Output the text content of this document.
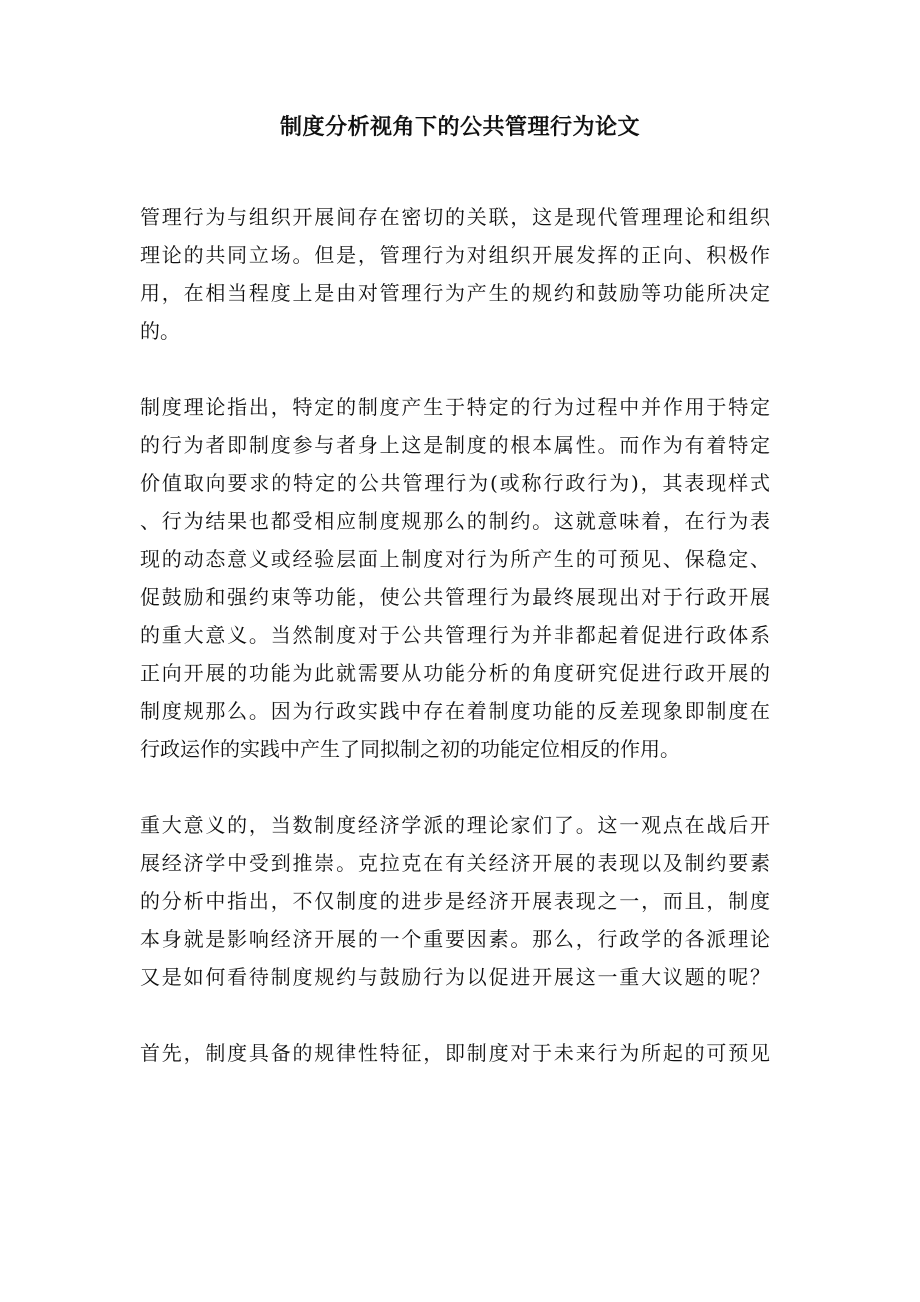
制度分析视角下的公共管理行为论文
管理行为与组织开展间存在密切的关联，这是现代管理理论和组织
理论的共同立场。但是，管理行为对组织开展发挥的正向、积极作
用，在相当程度上是由对管理行为产生的规约和鼓励等功能所决定
的。
制度理论指出，特定的制度产生于特定的行为过程中并作用于特定
的行为者即制度参与者身上这是制度的根本属性。而作为有着特定
价值取向要求的特定的公共管理行为(或称行政行为)，其表现样式
、行为结果也都受相应制度规那么的制约。这就意味着，在行为表
现的动态意义或经验层面上制度对行为所产生的可预见、保稳定、
促鼓励和强约束等功能，使公共管理行为最终展现出对于行政开展
的重大意义。当然制度对于公共管理行为并非都起着促进行政体系
正向开展的功能为此就需要从功能分析的角度研究促进行政开展的
制度规那么。因为行政实践中存在着制度功能的反差现象即制度在
行政运作的实践中产生了同拟制之初的功能定位相反的作用。
重大意义的，当数制度经济学派的理论家们了。这一观点在战后开
展经济学中受到推崇。克拉克在有关经济开展的表现以及制约要素
的分析中指出，不仅制度的进步是经济开展表现之一，而且，制度
本身就是影响经济开展的一个重要因素。那么，行政学的各派理论
又是如何看待制度规约与鼓励行为以促进开展这一重大议题的呢？
首先，制度具备的规律性特征，即制度对于未来行为所起的可预见
